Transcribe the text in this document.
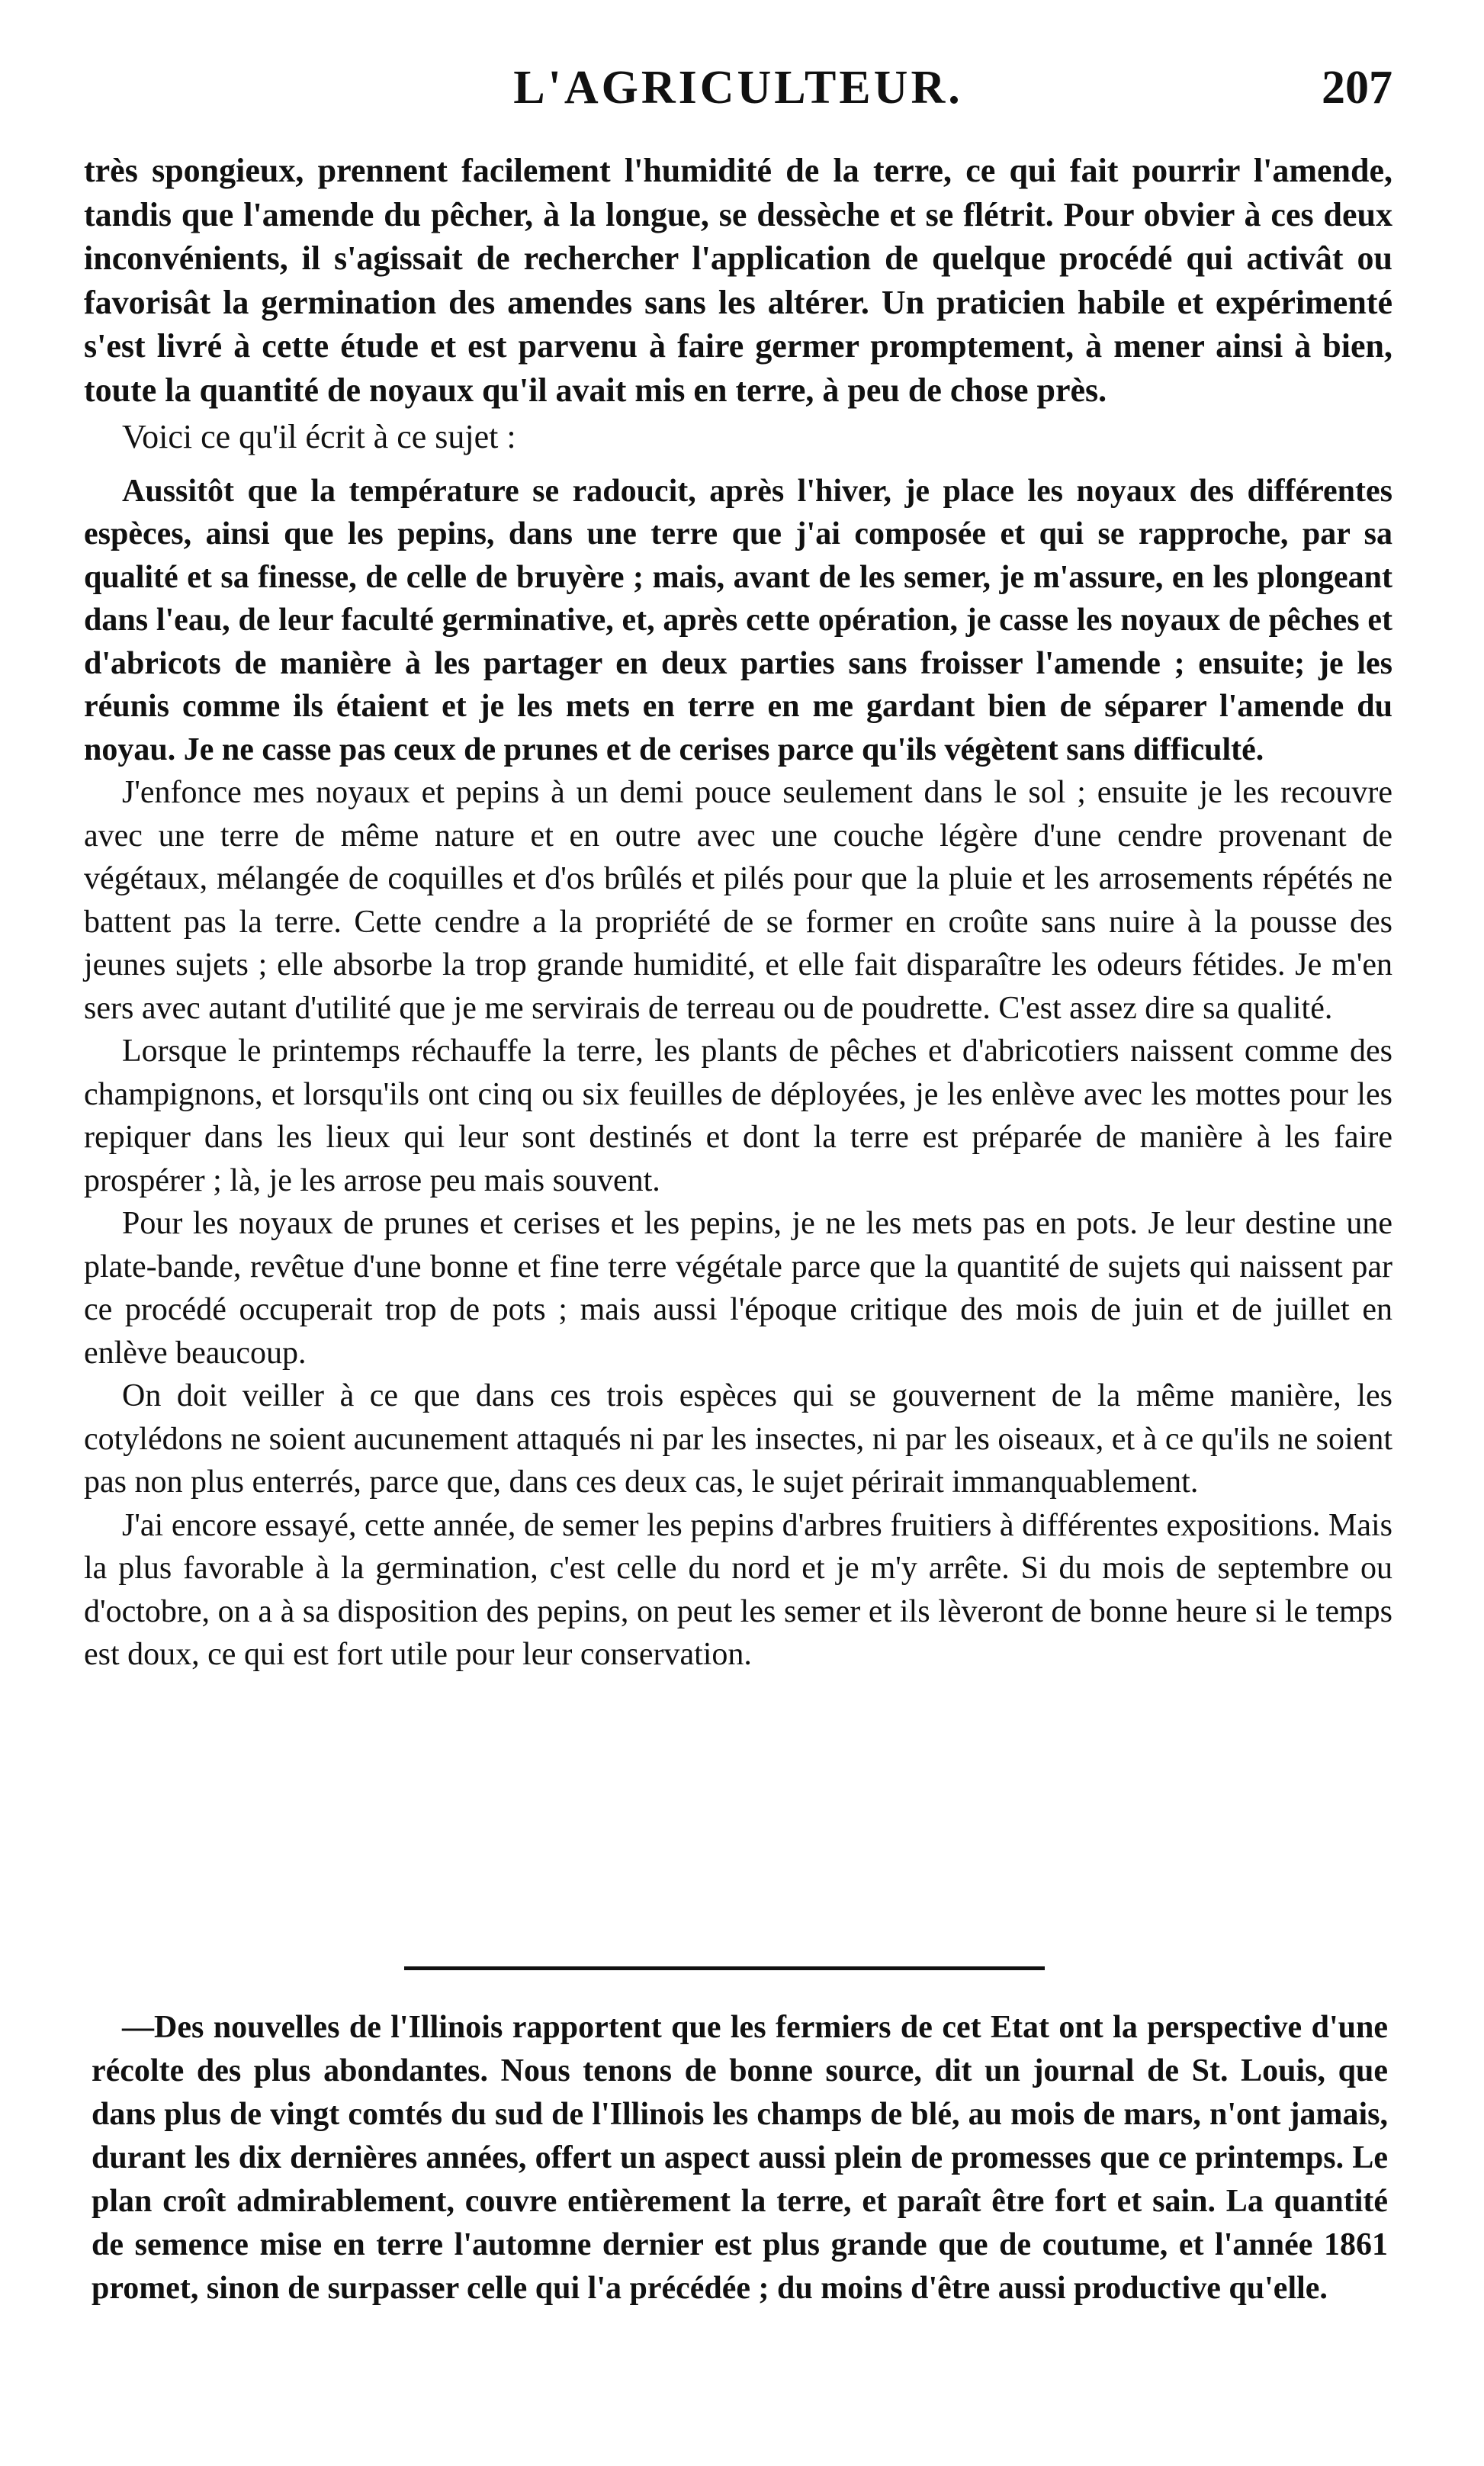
L'AGRICULTEUR.	207

très spongieux, prennent facilement l'humidité de la terre, ce qui fait pourrir l'amende, tandis que l'amende du pêcher, à la longue, se dessèche et se flétrit. Pour obvier à ces deux inconvénients, il s'agissait de rechercher l'application de quelque procédé qui activât ou favorisât la germination des amendes sans les altérer. Un praticien habile et expérimenté s'est livré à cette étude et est parvenu à faire germer promptement, à mener ainsi à bien, toute la quantité de noyaux qu'il avait mis en terre, à peu de chose près.

Voici ce qu'il écrit à ce sujet :

Aussitôt que la température se radoucit, après l'hiver, je place les noyaux des différentes espèces, ainsi que les pepins, dans une terre que j'ai composée et qui se rapproche, par sa qualité et sa finesse, de celle de bruyère ; mais, avant de les semer, je m'assure, en les plongeant dans l'eau, de leur faculté germinative, et, après cette opération, je casse les noyaux de pêches et d'abricots de manière à les partager en deux parties sans froisser l'amende ; ensuite; je les réunis comme ils étaient et je les mets en terre en me gardant bien de séparer l'amende du noyau. Je ne casse pas ceux de prunes et de cerises parce qu'ils végètent sans difficulté.

J'enfonce mes noyaux et pepins à un demi pouce seulement dans le sol ; ensuite je les recouvre avec une terre de même nature et en outre avec une couche légère d'une cendre provenant de végétaux, mélangée de coquilles et d'os brûlés et pilés pour que la pluie et les arrosements répétés ne battent pas la terre. Cette cendre a la propriété de se former en croûte sans nuire à la pousse des jeunes sujets ; elle absorbe la trop grande humidité, et elle fait disparaître les odeurs fétides. Je m'en sers avec autant d'utilité que je me servirais de terreau ou de poudrette. C'est assez dire sa qualité.

Lorsque le printemps réchauffe la terre, les plants de pêches et d'abricotiers naissent comme des champignons, et lorsqu'ils ont cinq ou six feuilles de déployées, je les enlève avec les mottes pour les repiquer dans les lieux qui leur sont destinés et dont la terre est préparée de manière à les faire prospérer ; là, je les arrose peu mais souvent.

Pour les noyaux de prunes et cerises et les pepins, je ne les mets pas en pots. Je leur destine une plate-bande, revêtue d'une bonne et fine terre végétale parce que la quantité de sujets qui naissent par ce procédé occuperait trop de pots ; mais aussi l'époque critique des mois de juin et de juillet en enlève beaucoup.

On doit veiller à ce que dans ces trois espèces qui se gouvernent de la même manière, les cotylédons ne soient aucunement attaqués ni par les insectes, ni par les oiseaux, et à ce qu'ils ne soient pas non plus enterrés, parce que, dans ces deux cas, le sujet périrait immanquablement.

J'ai encore essayé, cette année, de semer les pepins d'arbres fruitiers à différentes expositions. Mais la plus favorable à la germination, c'est celle du nord et je m'y arrête. Si du mois de septembre ou d'octobre, on a à sa disposition des pepins, on peut les semer et ils lèveront de bonne heure si le temps est doux, ce qui est fort utile pour leur conservation.

—Des nouvelles de l'Illinois rapportent que les fermiers de cet Etat ont la perspective d'une récolte des plus abondantes. Nous tenons de bonne source, dit un journal de St. Louis, que dans plus de vingt comtés du sud de l'Illinois les champs de blé, au mois de mars, n'ont jamais, durant les dix dernières années, offert un aspect aussi plein de promesses que ce printemps. Le plan croît admirablement, couvre entièrement la terre, et paraît être fort et sain. La quantité de semence mise en terre l'automne dernier est plus grande que de coutume, et l'année 1861 promet, sinon de surpasser celle qui l'a précédée ; du moins d'être aussi productive qu'elle.
